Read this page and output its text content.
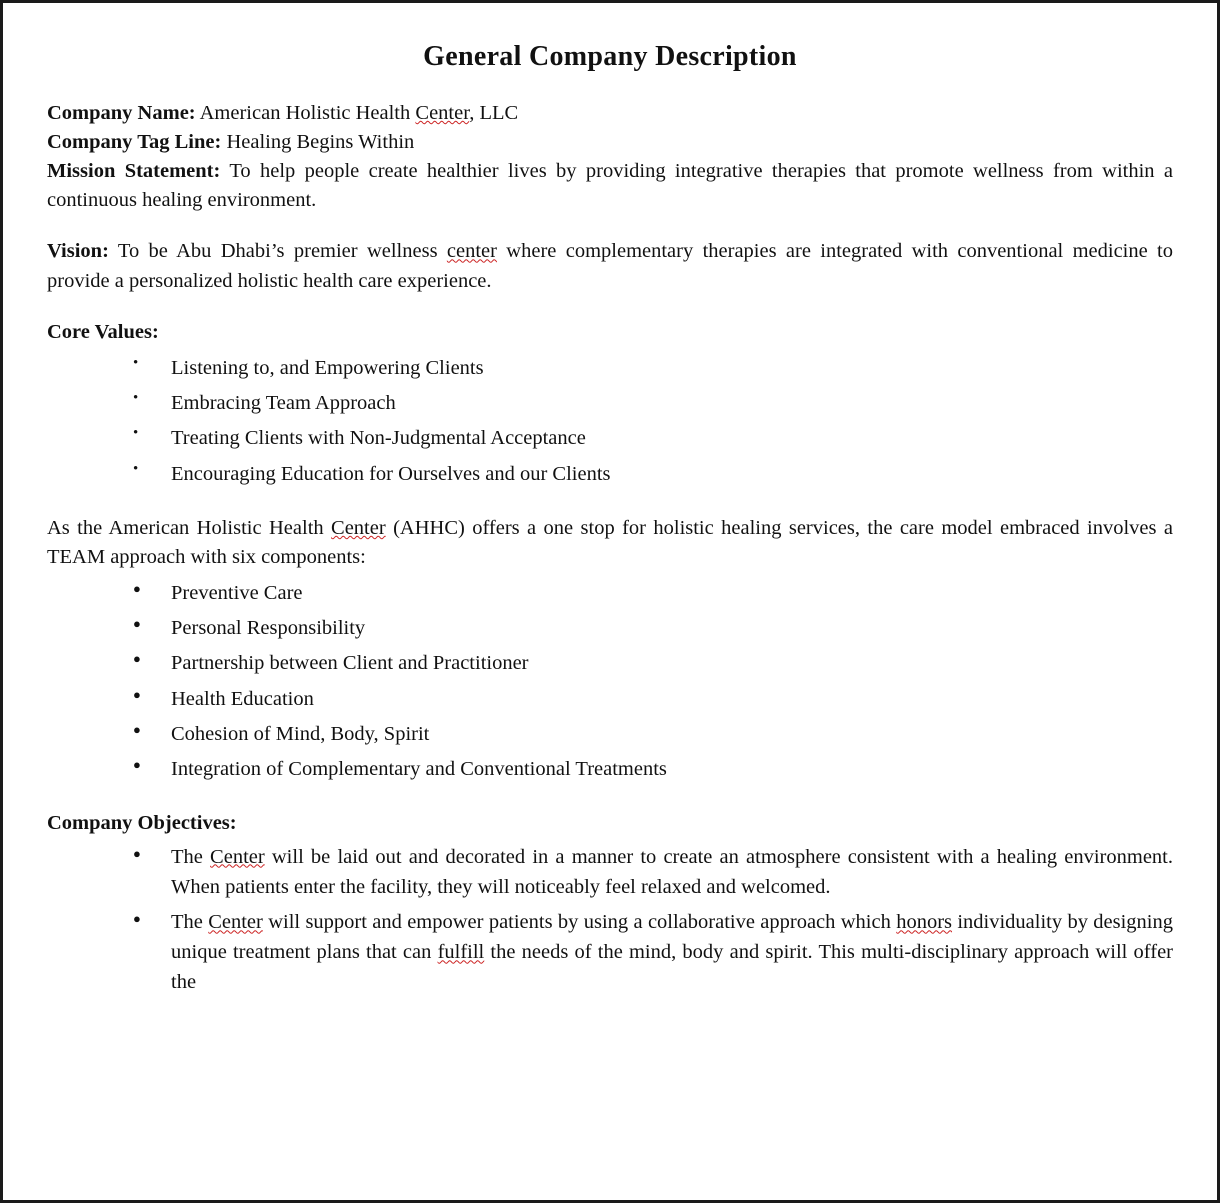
General Company Description

Company Name: American Holistic Health Center, LLC

Company Tag Line: Healing Begins Within

Mission Statement: To help people create healthier lives by providing integrative therapies that promote wellness from within a continuous healing environment.

Vision: To be Abu Dhabi’s premier wellness center where complementary therapies are integrated with conventional medicine to provide a personalized holistic health care experience.

Core Values:

• Listening to, and Empowering Clients
• Embracing Team Approach
• Treating Clients with Non-Judgmental Acceptance
• Encouraging Education for Ourselves and our Clients

As the American Holistic Health Center (AHHC) offers a one stop for holistic healing services, the care model embraced involves a TEAM approach with six components:

● Preventive Care
● Personal Responsibility
● Partnership between Client and Practitioner
● Health Education
● Cohesion of Mind, Body, Spirit
● Integration of Complementary and Conventional Treatments

Company Objectives:

● The Center will be laid out and decorated in a manner to create an atmosphere consistent with a healing environment. When patients enter the facility, they will noticeably feel relaxed and welcomed.
● The Center will support and empower patients by using a collaborative approach which honors individuality by designing unique treatment plans that can fulfill the needs of the mind, body and spirit. This multi-disciplinary approach will offer the
